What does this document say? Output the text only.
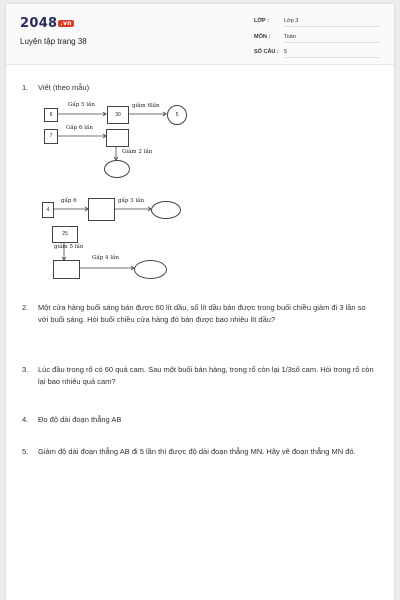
2048 $^{.vn}$
Luyện tập trang 38
LỚP :	Lớp 3
MÔN :	Toán
SỐ CÂU : 5
1. Viết (theo mẫu)
6
Gấp 5 lần
30
giảm 6lần
5
7
Gấp 6 lần
Giảm 2 lần
4
gấp 6	gấp 3 lần
25
giảm 5 lần
Gấp 4 lần
2. Một cửa hàng buổi sáng bán được 60 lít dầu, số lít dầu bán được trong buổi chiều giảm đi 3 lần so với buổi sáng. Hỏi buổi chiều cửa hàng đó bán được bao nhiêu lít dầu?
3. Lúc đầu trong rổ có 60 quả cam. Sau một buổi bán hàng, trong rổ còn lại 1/3số cam. Hỏi trong rổ còn lại bao nhiêu quả cam?
4. Đo độ dài đoạn thẳng AB
5. Giảm độ dài đoạn thẳng AB đi 5 lần thì được độ dài đoạn thẳng MN. Hãy vẽ đoạn thẳng MN đó.
